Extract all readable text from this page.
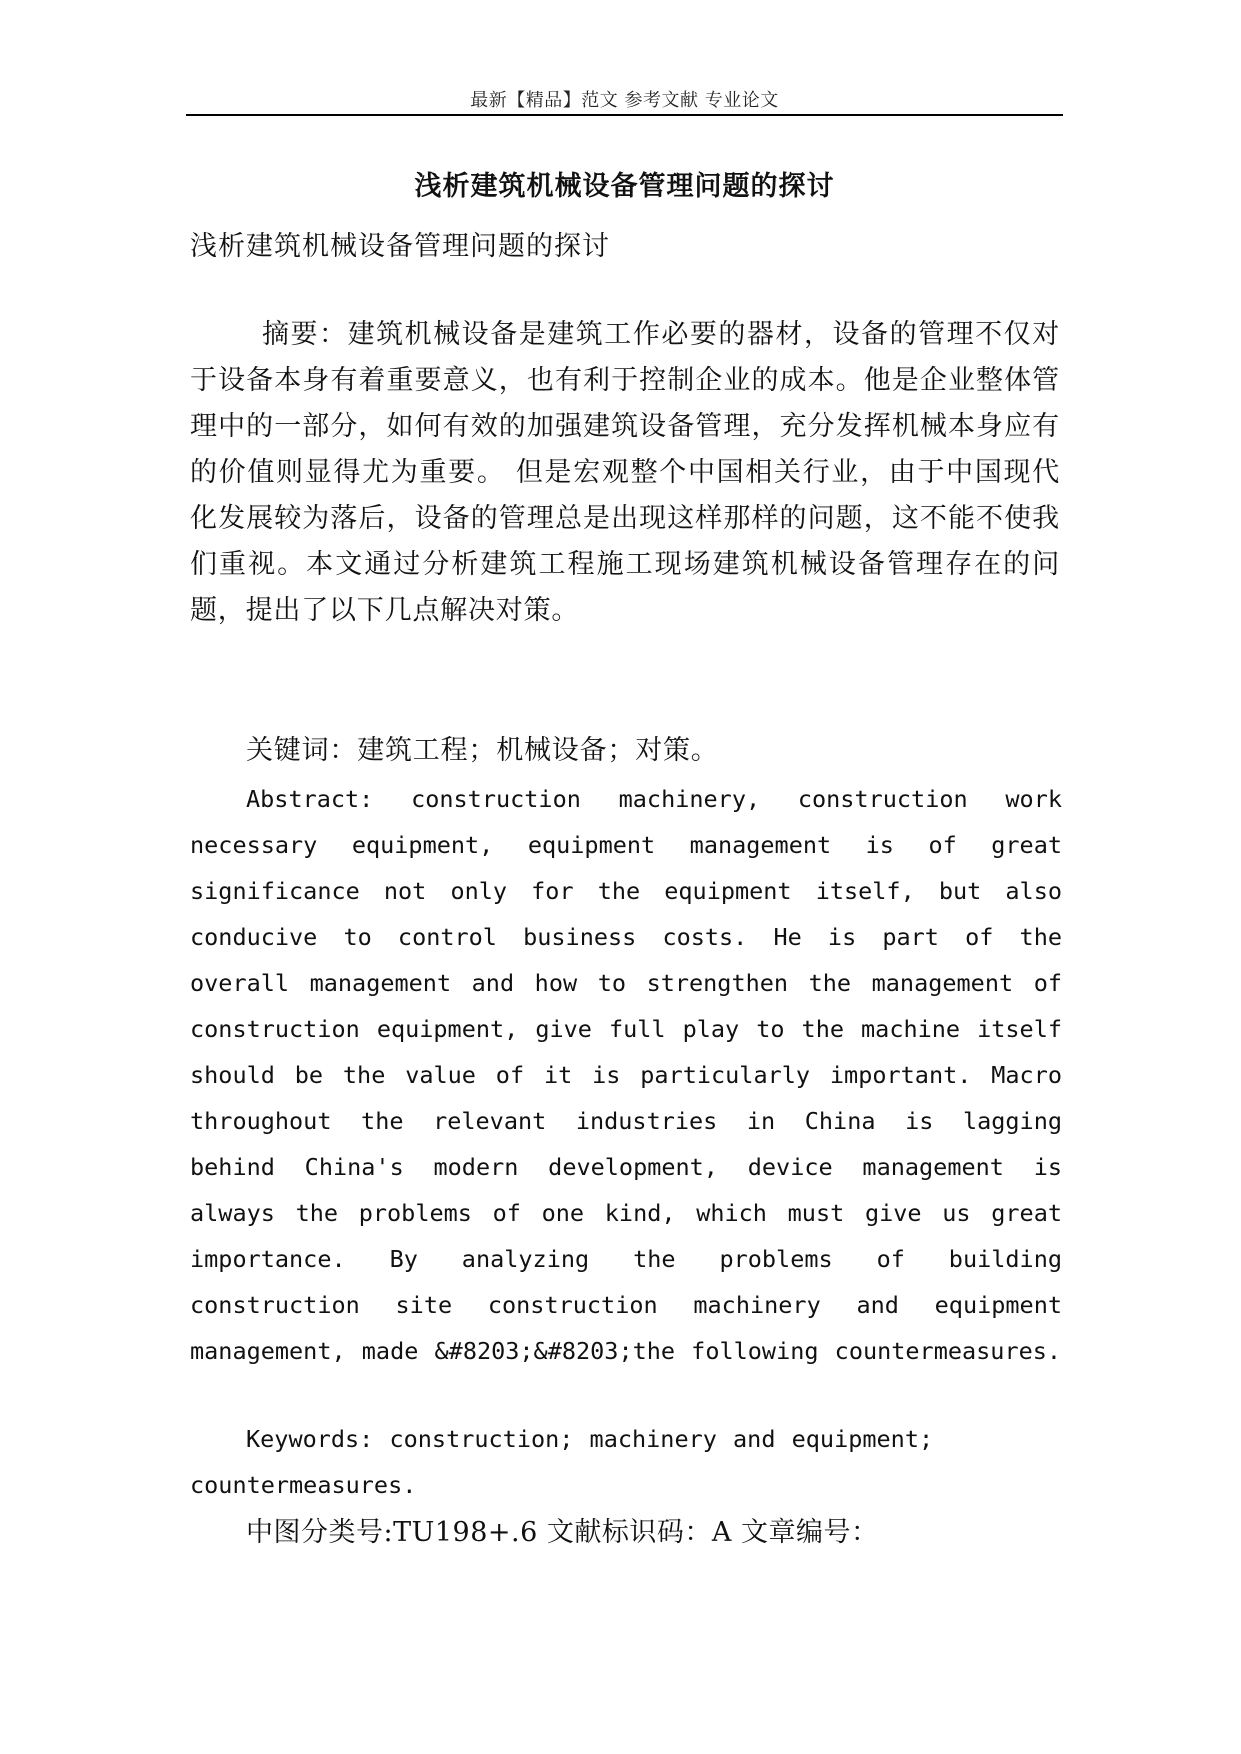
最新【精品】范文 参考文献 专业论文
浅析建筑机械设备管理问题的探讨
浅析建筑机械设备管理问题的探讨
摘要：建筑机械设备是建筑工作必要的器材，设备的管理不仅对于设备本身有着重要意义，也有利于控制企业的成本。他是企业整体管理中的一部分，如何有效的加强建筑设备管理，充分发挥机械本身应有的价值则显得尤为重要。 但是宏观整个中国相关行业，由于中国现代化发展较为落后，设备的管理总是出现这样那样的问题，这不能不使我们重视。本文通过分析建筑工程施工现场建筑机械设备管理存在的问题，提出了以下几点解决对策。
关键词：建筑工程；机械设备；对策。
Abstract: construction machinery, construction work necessary equipment, equipment management is of great significance not only for the equipment itself, but also conducive to control business costs. He is part of the overall management and how to strengthen the management of construction equipment, give full play to the machine itself should be the value of it is particularly important. Macro throughout the relevant industries in China is lagging behind China's modern development, device management is always the problems of one kind, which must give us great importance. By analyzing the problems of building construction site construction machinery and equipment management, made &#8203;&#8203;the following countermeasures.
Keywords: construction; machinery and equipment; countermeasures.
中图分类号:TU198+.6 文献标识码：A 文章编号：
